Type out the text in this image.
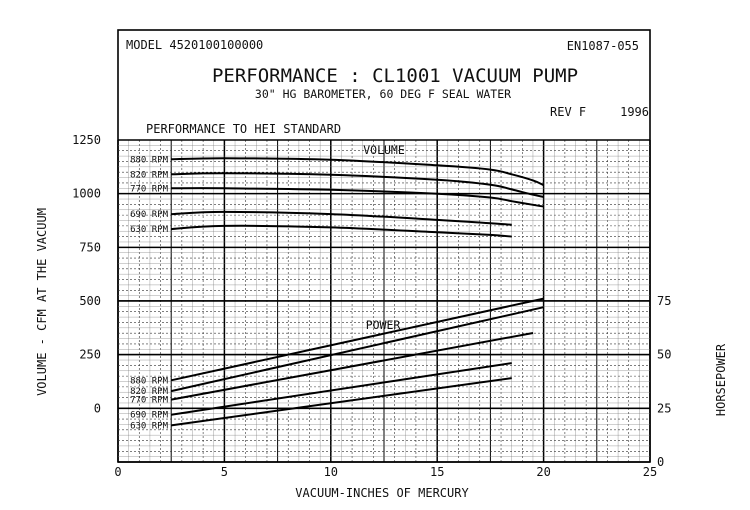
MODEL 4520100100000	EN1087-055
PERFORMANCE : CL1001 VACUUM PUMP
30" HG BAROMETER, 60 DEG F SEAL WATER
REV F	1996
PERFORMANCE TO HEI STANDARD
0	5	10	15	20	25
0
250
500
750
1000
1250
0
25
50
75
880 RPM
820 RPM
770 RPM
690 RPM
630 RPM
880 RPM
820 RPM
770 RPM
690 RPM
630 RPM
VACUUM-INCHES OF MERCURY
VOLUME - CFM AT THE VACUUM	HORSEPOWER
VOLUME
POWER
